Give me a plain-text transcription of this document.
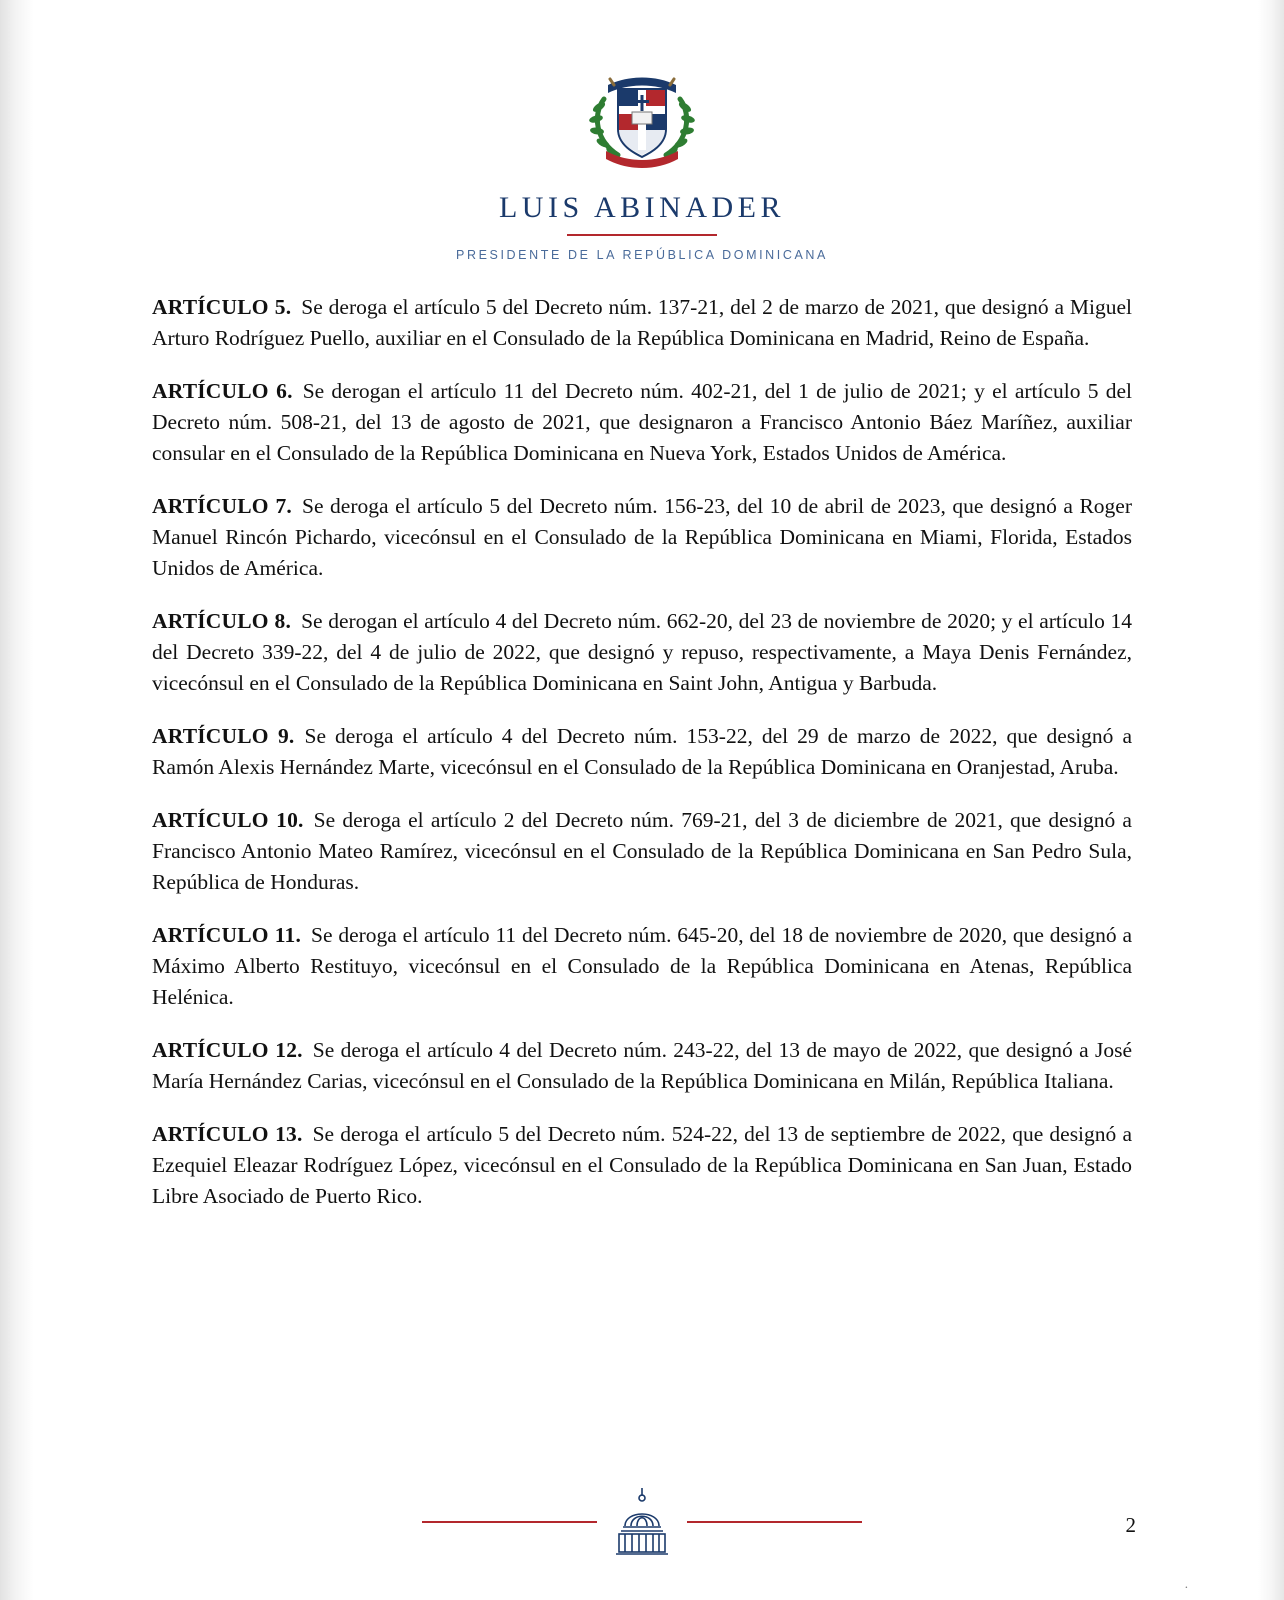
LUIS ABINADER
PRESIDENTE DE LA REPÚBLICA DOMINICANA

ARTÍCULO 5. Se deroga el artículo 5 del Decreto núm. 137-21, del 2 de marzo de 2021, que designó a Miguel Arturo Rodríguez Puello, auxiliar en el Consulado de la República Dominicana en Madrid, Reino de España.

ARTÍCULO 6. Se derogan el artículo 11 del Decreto núm. 402-21, del 1 de julio de 2021; y el artículo 5 del Decreto núm. 508-21, del 13 de agosto de 2021, que designaron a Francisco Antonio Báez Maríñez, auxiliar consular en el Consulado de la República Dominicana en Nueva York, Estados Unidos de América.

ARTÍCULO 7. Se deroga el artículo 5 del Decreto núm. 156-23, del 10 de abril de 2023, que designó a Roger Manuel Rincón Pichardo, vicecónsul en el Consulado de la República Dominicana en Miami, Florida, Estados Unidos de América.

ARTÍCULO 8. Se derogan el artículo 4 del Decreto núm. 662-20, del 23 de noviembre de 2020; y el artículo 14 del Decreto 339-22, del 4 de julio de 2022, que designó y repuso, respectivamente, a Maya Denis Fernández, vicecónsul en el Consulado de la República Dominicana en Saint John, Antigua y Barbuda.

ARTÍCULO 9. Se deroga el artículo 4 del Decreto núm. 153-22, del 29 de marzo de 2022, que designó a Ramón Alexis Hernández Marte, vicecónsul en el Consulado de la República Dominicana en Oranjestad, Aruba.

ARTÍCULO 10. Se deroga el artículo 2 del Decreto núm. 769-21, del 3 de diciembre de 2021, que designó a Francisco Antonio Mateo Ramírez, vicecónsul en el Consulado de la República Dominicana en San Pedro Sula, República de Honduras.

ARTÍCULO 11. Se deroga el artículo 11 del Decreto núm. 645-20, del 18 de noviembre de 2020, que designó a Máximo Alberto Restituyo, vicecónsul en el Consulado de la República Dominicana en Atenas, República Helénica.

ARTÍCULO 12. Se deroga el artículo 4 del Decreto núm. 243-22, del 13 de mayo de 2022, que designó a José María Hernández Carias, vicecónsul en el Consulado de la República Dominicana en Milán, República Italiana.

ARTÍCULO 13. Se deroga el artículo 5 del Decreto núm. 524-22, del 13 de septiembre de 2022, que designó a Ezequiel Eleazar Rodríguez López, vicecónsul en el Consulado de la República Dominicana en San Juan, Estado Libre Asociado de Puerto Rico.

2
.
